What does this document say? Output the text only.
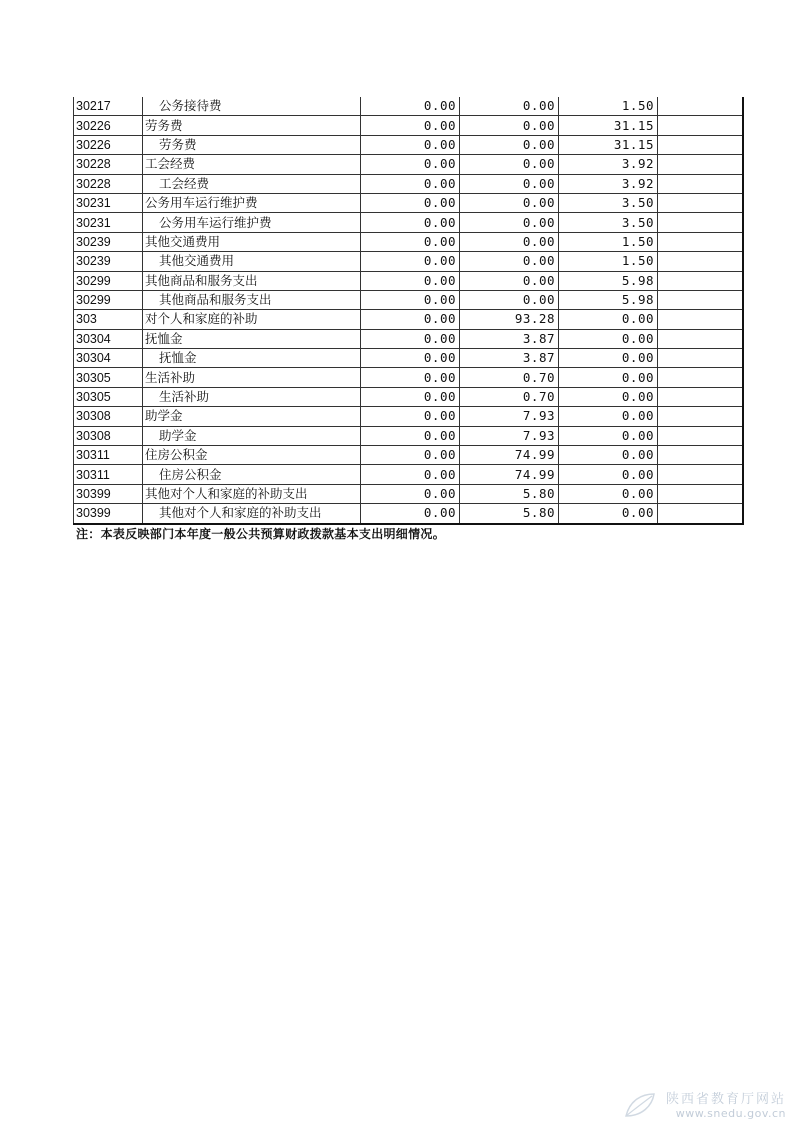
30217	公务接待费	0.00	0.00	1.50	
30226	劳务费	0.00	0.00	31.15	
30226	劳务费	0.00	0.00	31.15	
30228	工会经费	0.00	0.00	3.92	
30228	工会经费	0.00	0.00	3.92	
30231	公务用车运行维护费	0.00	0.00	3.50	
30231	公务用车运行维护费	0.00	0.00	3.50	
30239	其他交通费用	0.00	0.00	1.50	
30239	其他交通费用	0.00	0.00	1.50	
30299	其他商品和服务支出	0.00	0.00	5.98	
30299	其他商品和服务支出	0.00	0.00	5.98	
303	对个人和家庭的补助	0.00	93.28	0.00	
30304	抚恤金	0.00	3.87	0.00	
30304	抚恤金	0.00	3.87	0.00	
30305	生活补助	0.00	0.70	0.00	
30305	生活补助	0.00	0.70	0.00	
30308	助学金	0.00	7.93	0.00	
30308	助学金	0.00	7.93	0.00	
30311	住房公积金	0.00	74.99	0.00	
30311	住房公积金	0.00	74.99	0.00	
30399	其他对个人和家庭的补助支出	0.00	5.80	0.00	
30399	其他对个人和家庭的补助支出	0.00	5.80	0.00	
注：本表反映部门本年度一般公共预算财政拨款基本支出明细情况。
陕西省教育厅网站
www.snedu.gov.cn
